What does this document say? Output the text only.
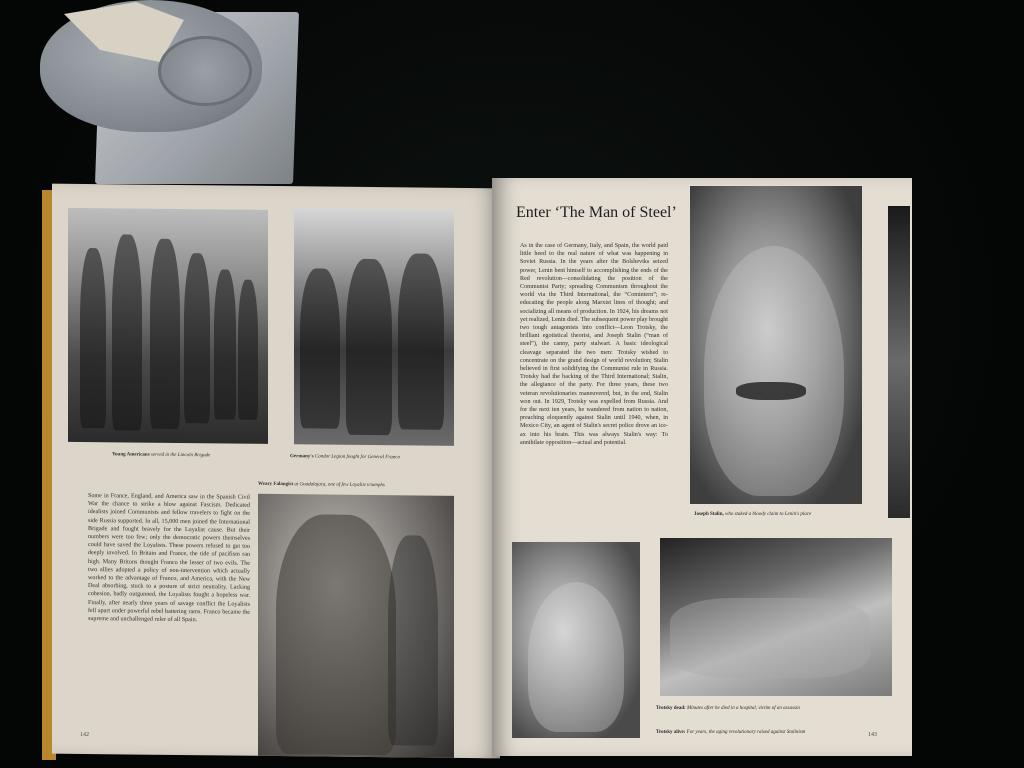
Young Americans served in the Lincoln Brigade	Germany's Condor Legion fought for General Franco
Weary Falangist at Guadalajara, one of few Loyalist triumphs
Some in France, England, and America saw in the Spanish Civil War the chance to strike a blow against Fascism. Dedicated idealists joined Communists and fellow travelers to fight on the side Russia supported. In all, 15,000 men joined the International Brigade and fought bravely for the Loyalist cause. But their numbers were too few; only the democratic powers themselves could have saved the Loyalists. These powers refused to get too deeply involved. In Britain and France, the tide of pacifism ran high. Many Britons thought Franco the lesser of two evils. The two allies adopted a policy of non-intervention which actually worked to the advantage of Franco, and America, with the New Deal absorbing, stuck to a posture of strict neutrality. Lacking cohesion, badly outgunned, the Loyalists fought a hopeless war. Finally, after nearly three years of savage conflict the Loyalists fell apart under powerful rebel battering rams. Franco became the supreme and unchallenged ruler of all Spain.
142
Enter ‘The Man of Steel’
As in the case of Germany, Italy, and Spain, the world paid little heed to the real nature of what was happening in Soviet Russia. In the years after the Bolsheviks seized power, Lenin bent himself to accomplishing the ends of the Red revolution—consolidating the position of the Communist Party; spreading Communism throughout the world via the Third International, the “Comintern”; re-educating the people along Marxist lines of thought; and socializing all means of production. In 1924, his dreams not yet realized, Lenin died. The subsequent power play brought two tough antagonists into conflict—Leon Trotsky, the brilliant egotistical theorist, and Joseph Stalin (“man of steel”), the canny, party stalwart. A basic ideological cleavage separated the two men: Trotsky wished to concentrate on the grand design of world revolution; Stalin believed in first solidifying the Communist rule in Russia. Trotsky had the backing of the Third International; Stalin, the allegiance of the party. For three years, these two veteran revolutionaries maneuvered, but, in the end, Stalin won out. In 1929, Trotsky was expelled from Russia. And for the next ten years, he wandered from nation to nation, preaching eloquently against Stalin until 1940, when, in Mexico City, an agent of Stalin's secret police drove an ice-ax into his brain. This was always Stalin's way: To annihilate opposition—actual and potential.
Joseph Stalin, who staked a bloody claim to Lenin's place
Trotsky dead: Minutes after he died in a hospital, victim of an assassin
Trotsky alive: For years, the aging revolutionary raised against Stalinism	143
